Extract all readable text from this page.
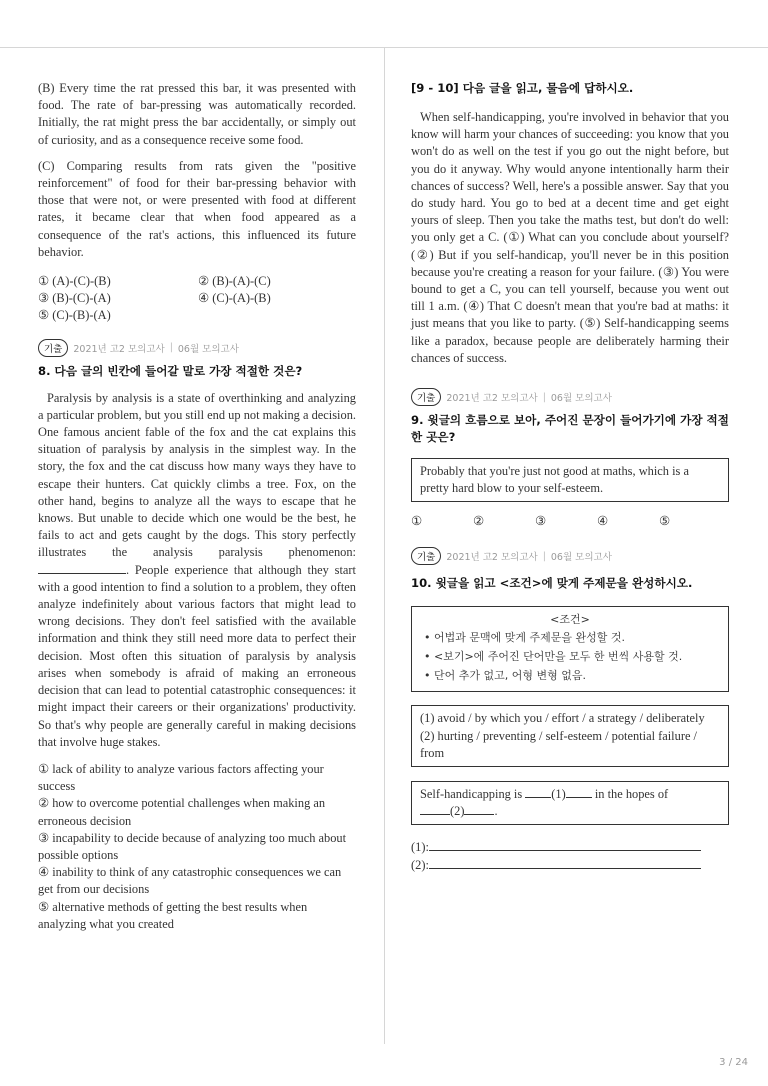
(B) Every time the rat pressed this bar, it was presented with food. The rate of bar-pressing was automatically recorded. Initially, the rat might press the bar accidentally, or simply out of curiosity, and as a consequence receive some food.

(C) Comparing results from rats given the "positive reinforcement" of food for their bar-pressing behavior with those that were not, or were presented with food at different rates, it became clear that when food appeared as a consequence of the rat's actions, this influenced its future behavior.

① (A)-(C)-(B)	② (B)-(A)-(C)
③ (B)-(C)-(A)	④ (C)-(A)-(B)
⑤ (C)-(B)-(A)
기출	2021년 고2 모의고사 | 06월 모의고사

8. 다음 글의 빈칸에 들어갈 말로 가장 적절한 것은?

Paralysis by analysis is a state of overthinking and analyzing a particular problem, but you still end up not making a decision. One famous ancient fable of the fox and the cat explains this situation of paralysis by analysis in the simplest way. In the story, the fox and the cat discuss how many ways they have to escape their hunters. Cat quickly climbs a tree. Fox, on the other hand, begins to analyze all the ways to escape that he knows. But unable to decide which one would be the best, he fails to act and gets caught by the dogs. This story perfectly illustrates the analysis paralysis phenomenon: . People experience that although they start with a good intention to find a solution to a problem, they often analyze indefinitely about various factors that might lead to wrong decisions. They don't feel satisfied with the available information and think they still need more data to perfect their decision. Most often this situation of paralysis by analysis arises when somebody is afraid of making an erroneous decision that can lead to potential catastrophic consequences: it might impact their careers or their organizations' productivity. So that's why people are generally careful in making decisions that involve huge stakes.

① lack of ability to analyze various factors affecting your success
② how to overcome potential challenges when making an erroneous decision
③ incapability to decide because of analyzing too much about possible options
④ inability to think of any catastrophic consequences we can get from our decisions
⑤ alternative methods of getting the best results when analyzing what you created

[9 - 10] 다음 글을 읽고, 물음에 답하시오.

When self-handicapping, you're involved in behavior that you know will harm your chances of succeeding: you know that you won't do as well on the test if you go out the night before, but you do it anyway. Why would anyone intentionally harm their chances of success? Well, here's a possible answer. Say that you do study hard. You go to bed at a decent time and get eight yours of sleep. Then you take the maths test, but don't do well: you only get a C. (①) What can you conclude about yourself? (②) But if you self-handicap, you'll never be in this position because you're creating a reason for your failure. (③) You were bound to get a C, you can tell yourself, because you went out till 1 a.m. (④) That C doesn't mean that you're bad at maths: it just means that you like to party. (⑤) Self-handicapping seems like a paradox, because people are deliberately harming their chances of success.

기출	2021년 고2 모의고사 | 06월 모의고사

9. 윗글의 흐름으로 보아, 주어진 문장이 들어가기에 가장 적절한 곳은?

Probably that you're just not good at maths, which is a pretty hard blow to your self-esteem.
①	②	③	④	⑤
기출	2021년 고2 모의고사 | 06월 모의고사

10. 윗글을 읽고 <조건>에 맞게 주제문을 완성하시오.

<조건>
• 어법과 문맥에 맞게 주제문을 완성할 것.
• <보기>에 주어진 단어만을 모두 한 번씩 사용할 것.
• 단어 추가 없고, 어형 변형 없음.
(1) avoid / by which you / effort / a strategy / deliberately
(2) hurting / preventing / self-esteem / potential failure / from
Self-handicapping is (1) in the hopes of
(2) .
(1):
(2):
3 / 24
